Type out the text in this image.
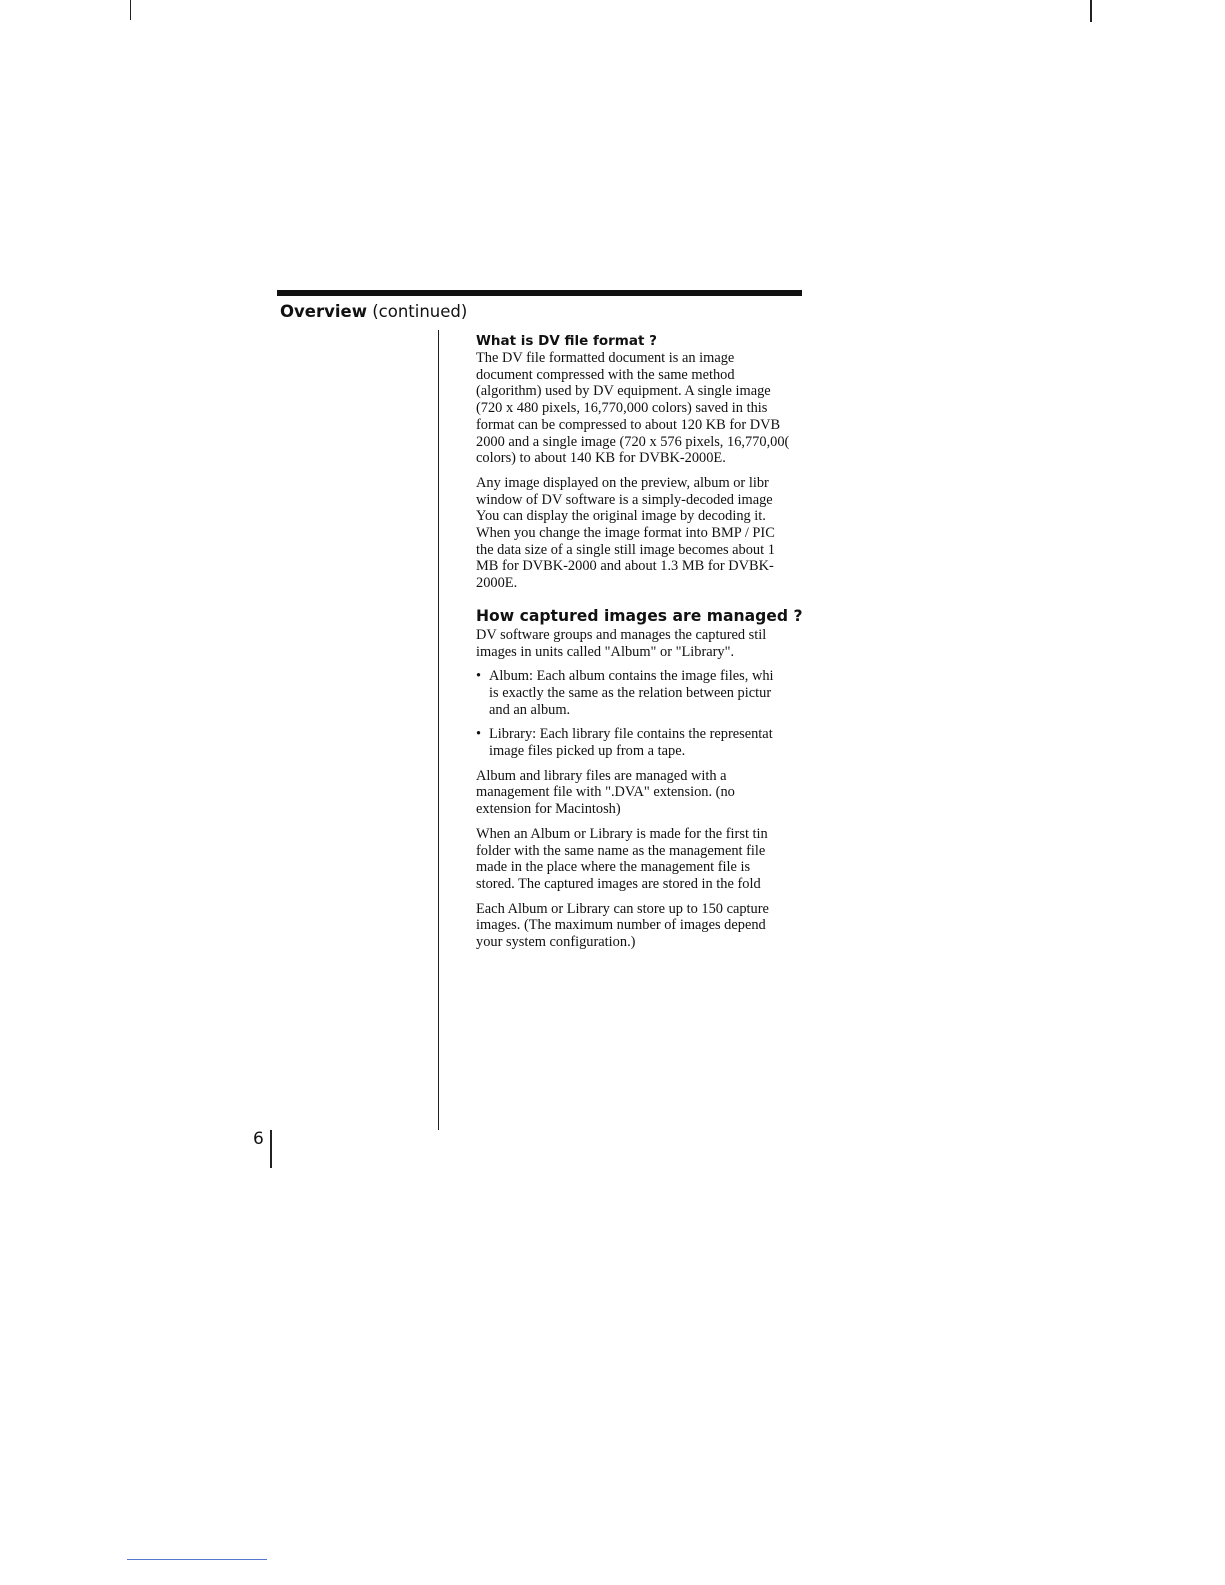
Overview (continued)
What is DV file format ?

The DV file formatted document is an image
document compressed with the same method
(algorithm) used by DV equipment. A single image
(720 x 480 pixels, 16,770,000 colors) saved in this
format can be compressed to about 120 KB for DVB
2000 and a single image (720 x 576 pixels, 16,770,00(
colors) to about 140 KB for DVBK-2000E.

Any image displayed on the preview, album or libr
window of DV software is a simply-decoded image
You can display the original image by decoding it.
When you change the image format into BMP / PIC
the data size of a single still image becomes about 1
MB for DVBK-2000 and about 1.3 MB for DVBK-
2000E.

How captured images are managed ?

DV software groups and manages the captured stil
images in units called "Album" or "Library".

• Album: Each album contains the image files, whi
is exactly the same as the relation between pictur
and an album.
• Library: Each library file contains the representat
image files picked up from a tape.

Album and library files are managed with a
management file with ".DVA" extension. (no
extension for Macintosh)

When an Album or Library is made for the first tin
folder with the same name as the management file
made in the place where the management file is
stored. The captured images are stored in the fold

Each Album or Library can store up to 150 capture
images. (The maximum number of images depend
your system configuration.)

6
